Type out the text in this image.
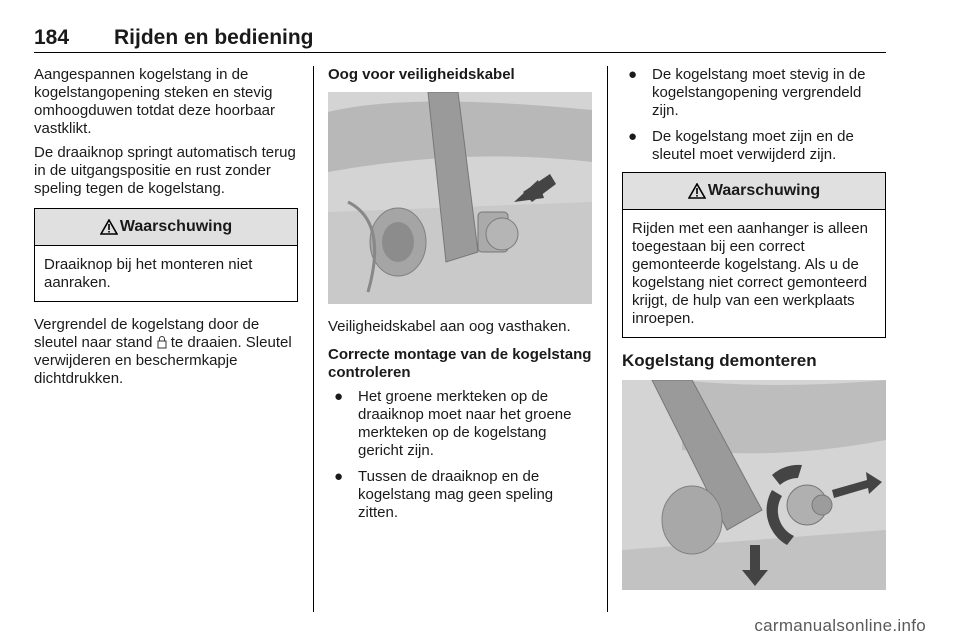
184 Rijden en bediening

Aangespannen kogelstang in de kogelstangopening steken en stevig omhoogduwen totdat deze hoorbaar vastklikt.

De draaiknop springt automatisch terug in de uitgangspositie en rust zonder speling tegen de kogelstang.

Waarschuwing
Draaiknop bij het monteren niet aanraken.

Vergrendel de kogelstang door de sleutel naar stand  te draaien. Sleutel verwijderen en beschermkapje dichtdrukken.

Oog voor veiligheidskabel

Veiligheidskabel aan oog vasthaken.

Correcte montage van de kogelstang controleren

● Het groene merkteken op de draaiknop moet naar het groene merkteken op de kogelstang gericht zijn.
● Tussen de draaiknop en de kogelstang mag geen speling zitten.
● De kogelstang moet stevig in de kogelstangopening vergrendeld zijn.
● De kogelstang moet zijn en de sleutel moet verwijderd zijn.
Waarschuwing
Rijden met een aanhanger is alleen toegestaan bij een correct gemonteerde kogelstang. Als u de kogelstang niet correct gemonteerd krijgt, de hulp van een werkplaats inroepen.
Kogelstang demonteren
carmanualsonline.info
